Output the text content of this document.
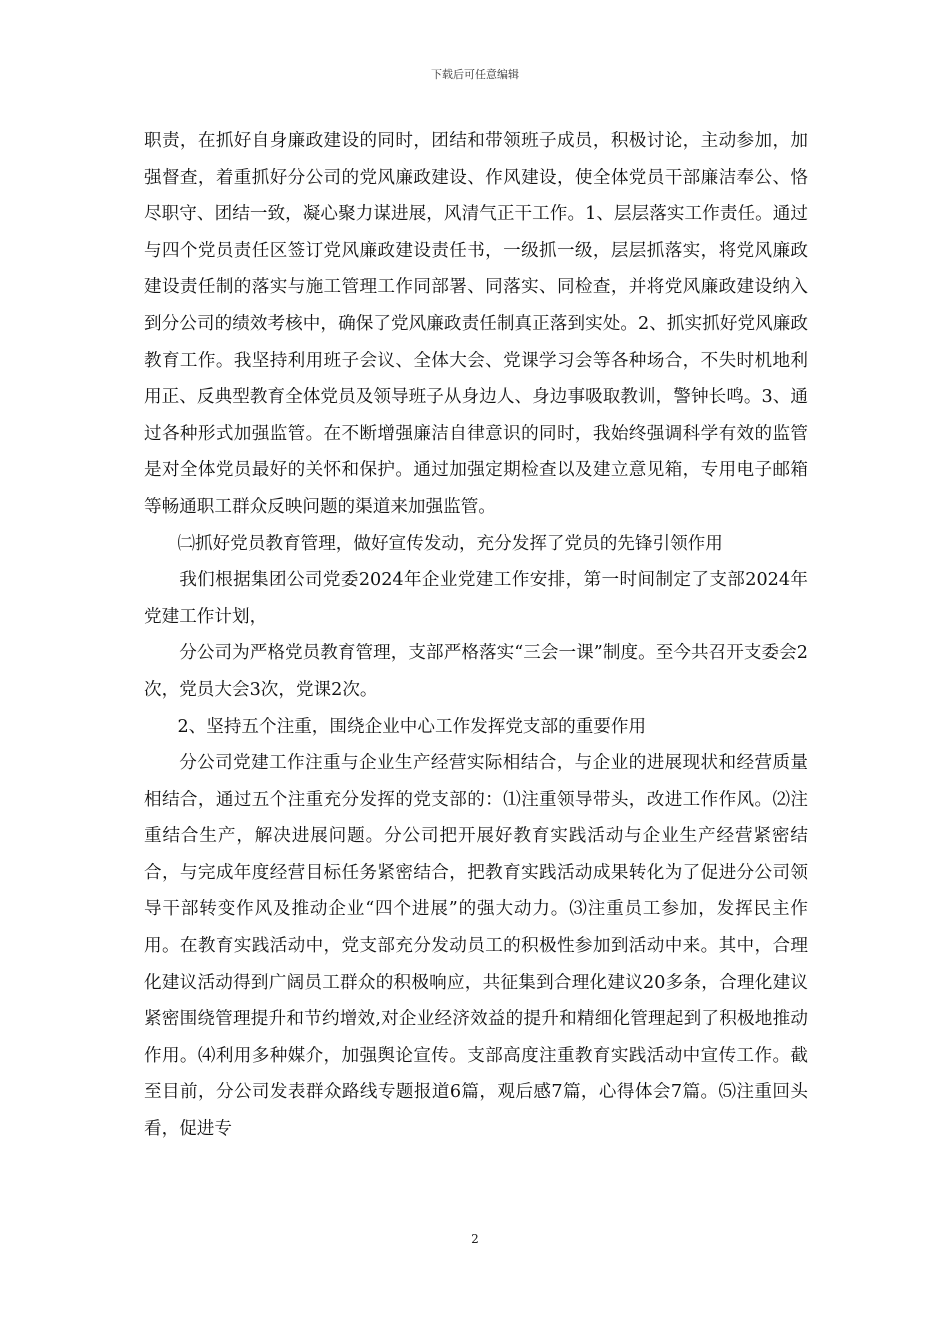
下载后可任意编辑

职责，在抓好自身廉政建设的同时，团结和带领班子成员，积极讨论，主动参加，加强督查，着重抓好分公司的党风廉政建设、作风建设，使全体党员干部廉洁奉公、恪尽职守、团结一致，凝心聚力谋进展，风清气正干工作。1、层层落实工作责任。通过与四个党员责任区签订党风廉政建设责任书，一级抓一级，层层抓落实，将党风廉政建设责任制的落实与施工管理工作同部署、同落实、同检查，并将党风廉政建设纳入到分公司的绩效考核中，确保了党风廉政责任制真正落到实处。2、抓实抓好党风廉政教育工作。我坚持利用班子会议、全体大会、党课学习会等各种场合，不失时机地利用正、反典型教育全体党员及领导班子从身边人、身边事吸取教训，警钟长鸣。3、通过各种形式加强监管。在不断增强廉洁自律意识的同时，我始终强调科学有效的监管是对全体党员最好的关怀和保护。通过加强定期检查以及建立意见箱，专用电子邮箱等畅通职工群众反映问题的渠道来加强监管。

㈡抓好党员教育管理，做好宣传发动，充分发挥了党员的先锋引领作用

我们根据集团公司党委2024年企业党建工作安排，第一时间制定了支部2024年党建工作计划，

分公司为严格党员教育管理，支部严格落实“三会一课”制度。至今共召开支委会2次，党员大会3次，党课2次。

2、坚持五个注重，围绕企业中心工作发挥党支部的重要作用

分公司党建工作注重与企业生产经营实际相结合，与企业的进展现状和经营质量相结合，通过五个注重充分发挥的党支部的：⑴注重领导带头，改进工作作风。⑵注重结合生产，解决进展问题。分公司把开展好教育实践活动与企业生产经营紧密结合，与完成年度经营目标任务紧密结合，把教育实践活动成果转化为了促进分公司领导干部转变作风及推动企业“四个进展”的强大动力。⑶注重员工参加，发挥民主作用。在教育实践活动中，党支部充分发动员工的积极性参加到活动中来。其中，合理化建议活动得到广阔员工群众的积极响应，共征集到合理化建议20多条，合理化建议紧密围绕管理提升和节约增效,对企业经济效益的提升和精细化管理起到了积极地推动作用。⑷利用多种媒介，加强舆论宣传。支部高度注重教育实践活动中宣传工作。截至目前，分公司发表群众路线专题报道6篇，观后感7篇，心得体会7篇。⑸注重回头看，促进专

2
